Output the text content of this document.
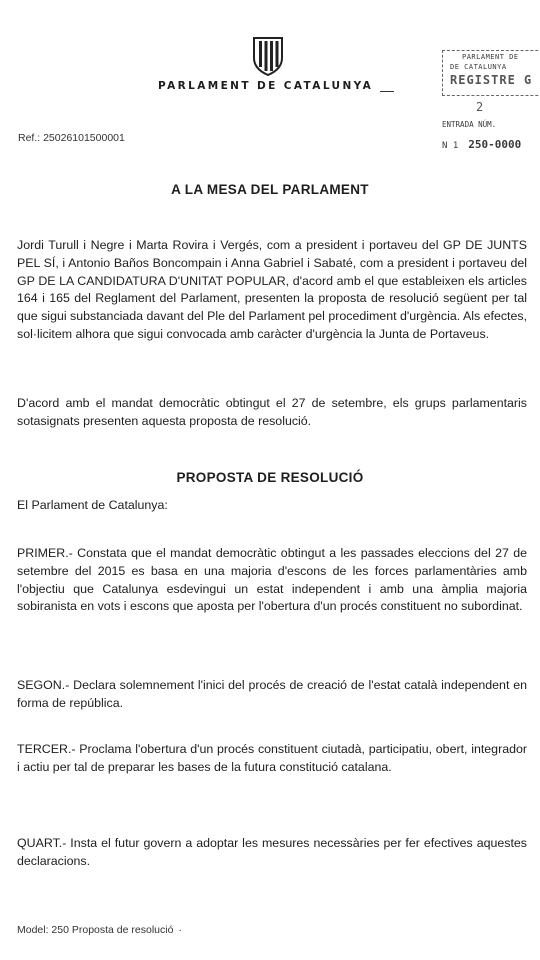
PARLAMENT DE CATALUNYA
PARLAMENT DE
DE CATALUNYA
REGISTRE G
2
ENTRADA NÚM.
N 1 250-0000
Ref.: 25026101500001
A LA MESA DEL PARLAMENT
Jordi Turull i Negre i Marta Rovira i Vergés, com a president i portaveu del GP DE JUNTS PEL SÍ, i Antonio Baños Boncompain i Anna Gabriel i Sabaté, com a president i portaveu del GP DE LA CANDIDATURA D'UNITAT POPULAR, d'acord amb el que estableixen els articles 164 i 165 del Reglament del Parlament, presenten la proposta de resolució següent per tal que sigui substanciada davant del Ple del Parlament pel procediment d'urgència. Als efectes, sol·licitem alhora que sigui convocada amb caràcter d'urgència la Junta de Portaveus.
D'acord amb el mandat democràtic obtingut el 27 de setembre, els grups parlamentaris sotasignats presenten aquesta proposta de resolució.
PROPOSTA DE RESOLUCIÓ
El Parlament de Catalunya:
PRIMER.- Constata que el mandat democràtic obtingut a les passades eleccions del 27 de setembre del 2015 es basa en una majoria d'escons de les forces parlamentàries amb l'objectiu que Catalunya esdevingui un estat independent i amb una àmplia majoria sobiranista en vots i escons que aposta per l'obertura d'un procés constituent no subordinat.
SEGON.- Declara solemnement l'inici del procés de creació de l'estat català independent en forma de república.
TERCER.- Proclama l'obertura d'un procés constituent ciutadà, participatiu, obert, integrador i actiu per tal de preparar les bases de la futura constitució catalana.
QUART.- Insta el futur govern a adoptar les mesures necessàries per fer efectives aquestes declaracions.
Model: 250 Proposta de resolució ·
